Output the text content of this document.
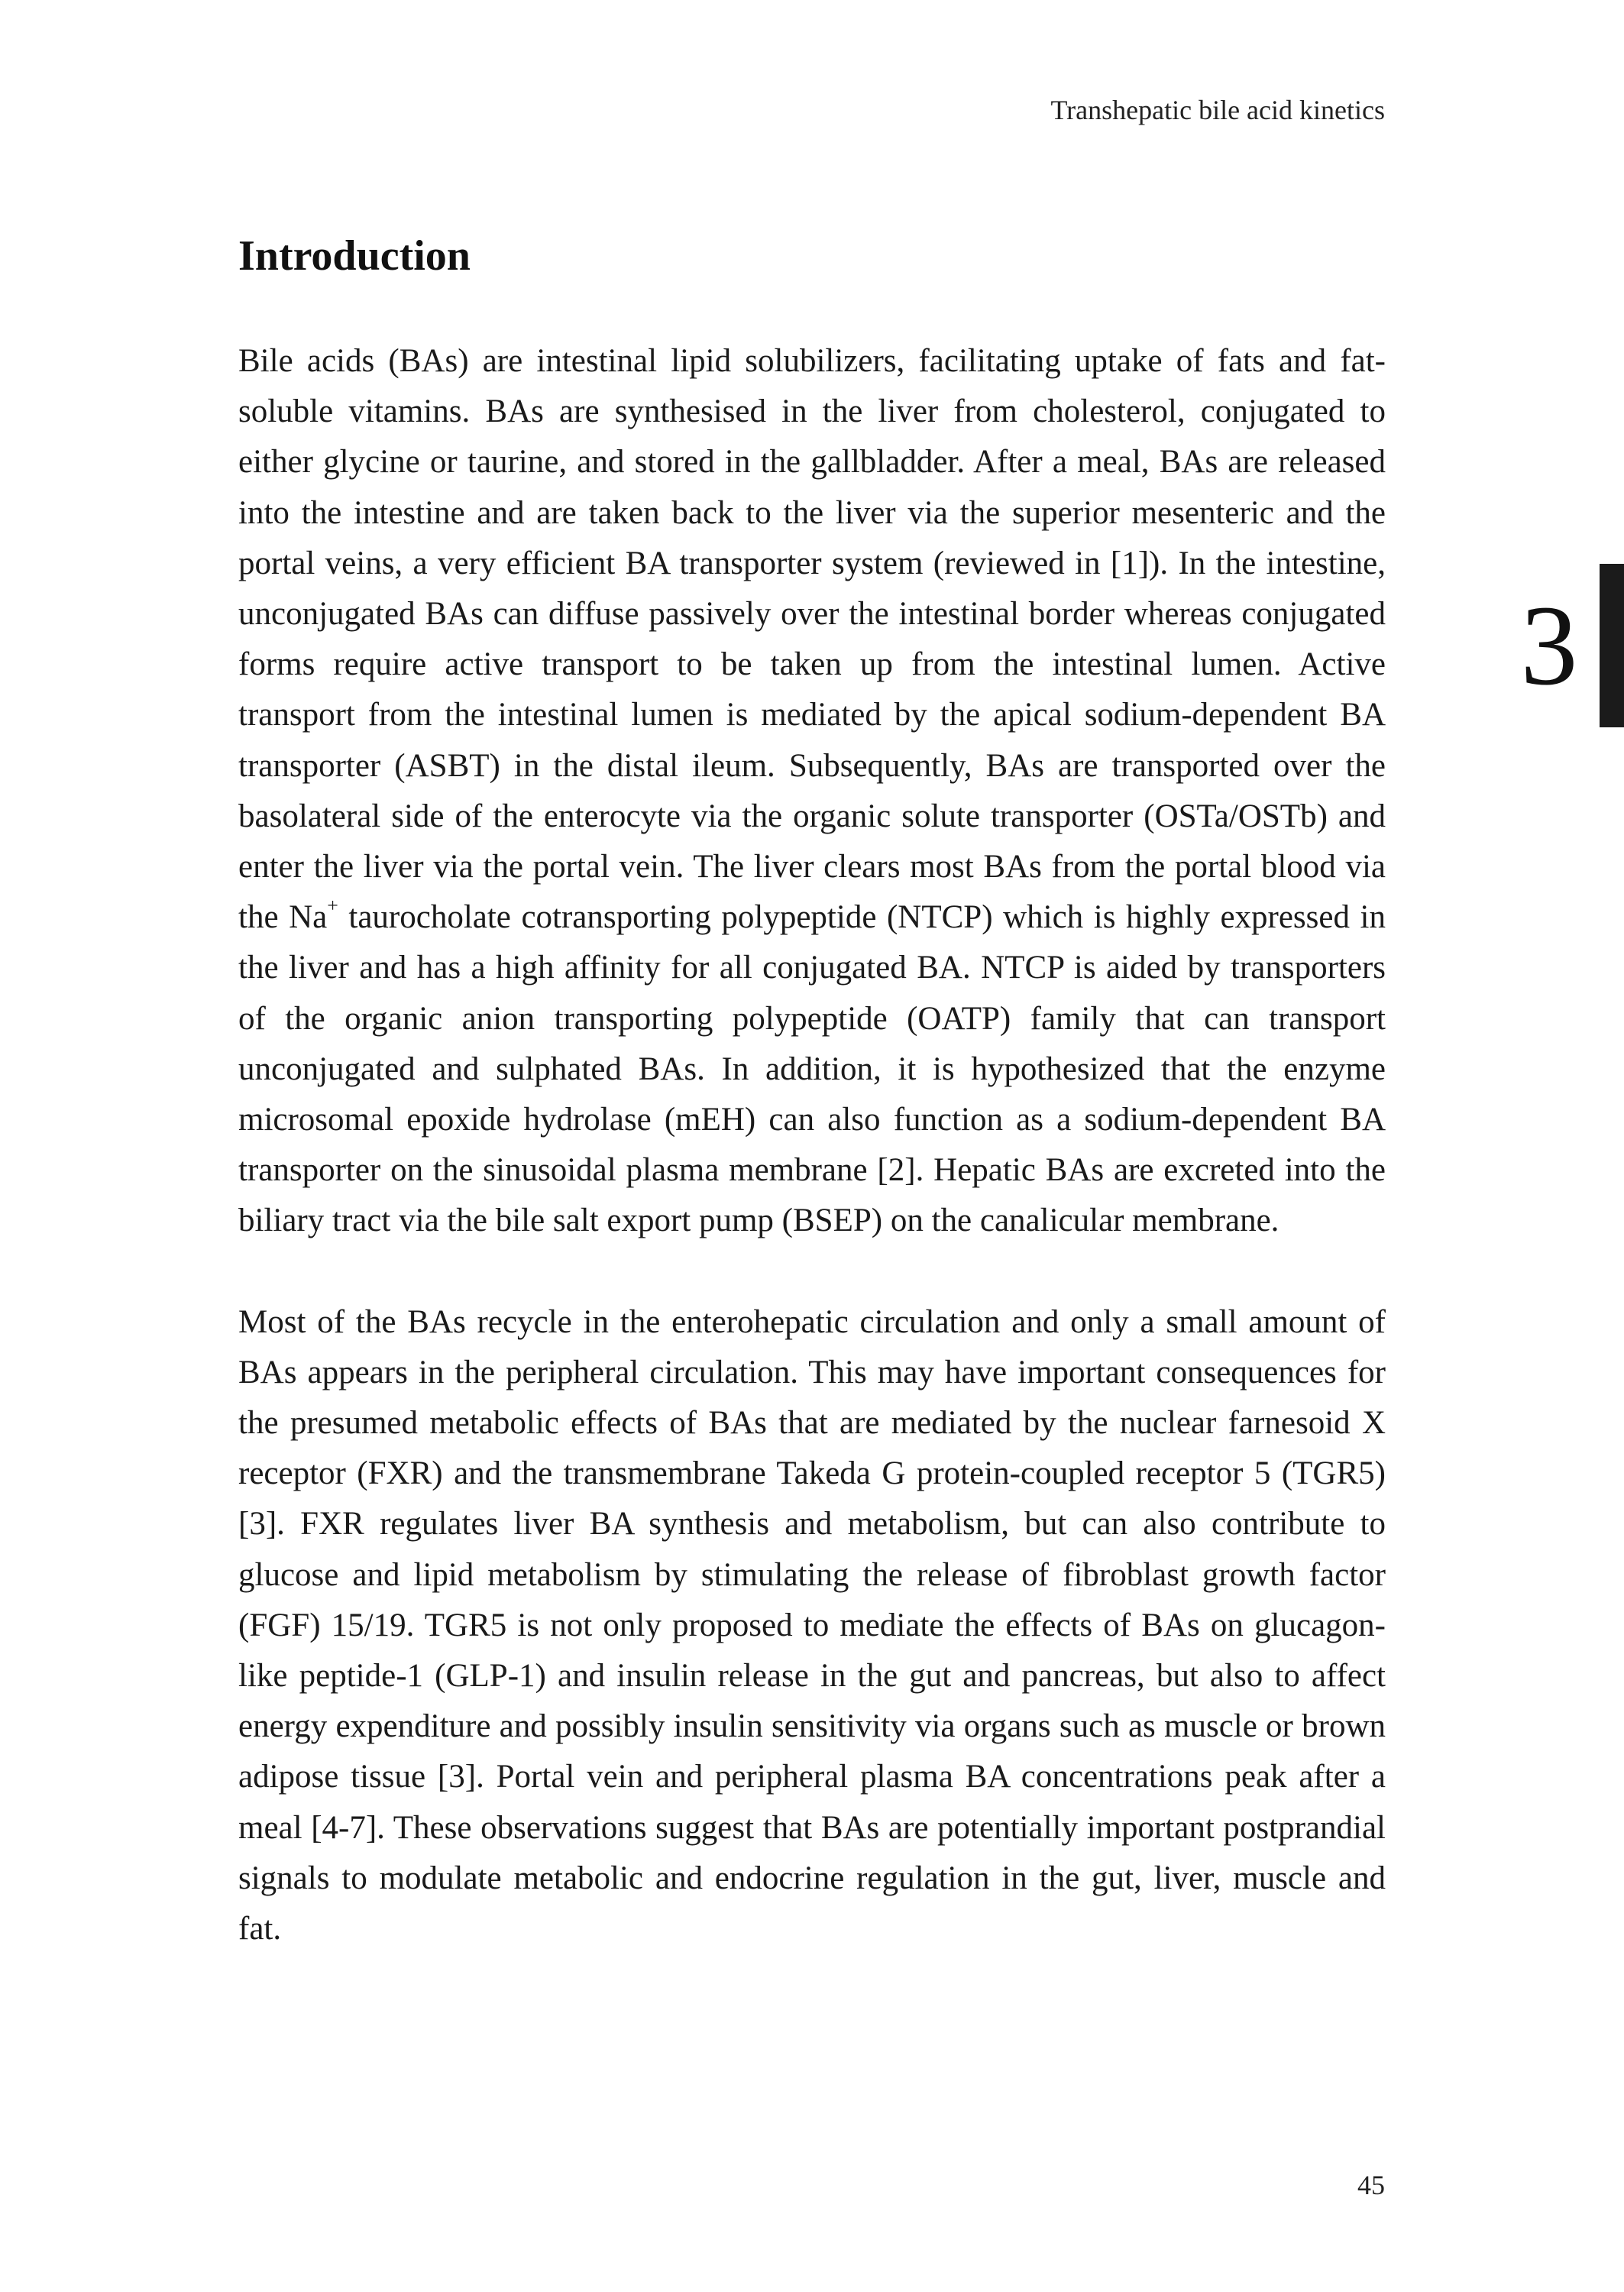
Transhepatic bile acid kinetics
Introduction

Bile acids (BAs) are intestinal lipid solubilizers, facilitating uptake of fats and fat-soluble vitamins. BAs are synthesised in the liver from cholesterol, conjugated to either glycine or taurine, and stored in the gallbladder. After a meal, BAs are released into the intestine and are taken back to the liver via the superior mesenteric and the portal veins, a very efficient BA transporter system (reviewed in [1]). In the intestine, unconjugated BAs can diffuse passively over the intestinal border whereas conjugated forms require active transport to be taken up from the intestinal lumen. Active transport from the intestinal lumen is mediated by the apical sodium-dependent BA transporter (ASBT) in the distal ileum. Subsequently, BAs are transported over the basolateral side of the enterocyte via the organic solute transporter (OSTa/OSTb) and enter the liver via the portal vein. The liver clears most BAs from the portal blood via the Na+ taurocholate cotransporting polypeptide (NTCP) which is highly expressed in the liver and has a high affinity for all conjugated BA. NTCP is aided by transporters of the organic anion transporting polypeptide (OATP) family that can transport unconjugated and sulphated BAs. In addition, it is hypothesized that the enzyme microsomal epoxide hydrolase (mEH) can also function as a sodium-dependent BA transporter on the sinusoidal plasma membrane [2]. Hepatic BAs are excreted into the biliary tract via the bile salt export pump (BSEP) on the canalicular membrane.

Most of the BAs recycle in the enterohepatic circulation and only a small amount of BAs appears in the peripheral circulation. This may have important consequences for the presumed metabolic effects of BAs that are mediated by the nuclear farnesoid X receptor (FXR) and the transmembrane Takeda G protein-coupled receptor 5 (TGR5) [3]. FXR regulates liver BA synthesis and metabolism, but can also contribute to glucose and lipid metabolism by stimulating the release of fibroblast growth factor (FGF) 15/19. TGR5 is not only proposed to mediate the effects of BAs on glucagon-like peptide-1 (GLP-1) and insulin release in the gut and pancreas, but also to affect energy expenditure and possibly insulin sensitivity via organs such as muscle or brown adipose tissue [3]. Portal vein and peripheral plasma BA concentrations peak after a meal [4-7]. These observations suggest that BAs are potentially important postprandial signals to modulate metabolic and endocrine regulation in the gut, liver, muscle and fat.

3
45
